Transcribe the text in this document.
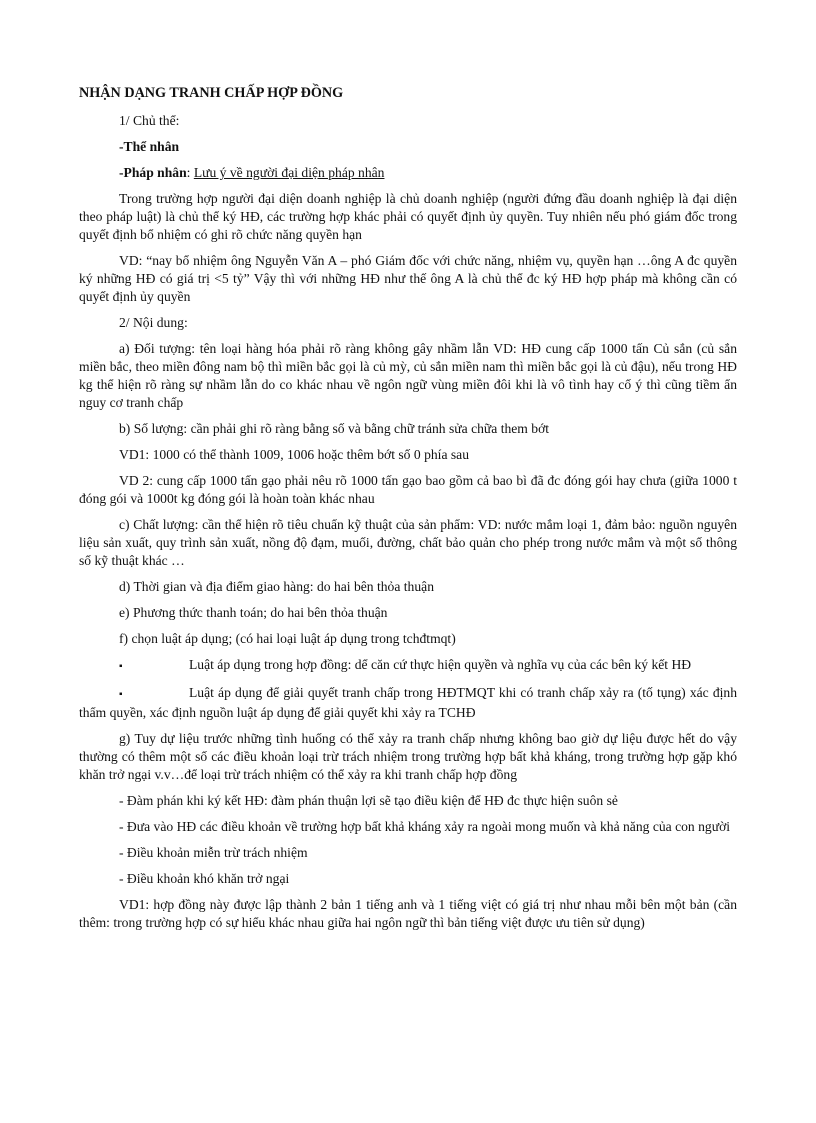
NHẬN DẠNG TRANH CHẤP HỢP ĐỒNG
1/ Chủ thể:
-Thể nhân
-Pháp nhân: Lưu ý về người đại diện pháp nhân
Trong trường hợp người đại diện doanh nghiệp là chủ doanh nghiệp (người đứng đầu doanh nghiệp là đại diện theo pháp luật) là chủ thể ký HĐ, các trường hợp khác phải có quyết định ủy quyền. Tuy nhiên nếu phó giám đốc trong quyết định bổ nhiệm có ghi rõ chức năng quyền hạn
VD: “nay bổ nhiệm ông Nguyễn Văn A – phó Giám đốc với chức năng, nhiệm vụ, quyền hạn …ông A đc quyền ký những HĐ có giá trị <5 tỷ” Vậy thì với những HĐ như thế ông A là chủ thể đc ký HĐ hợp pháp mà không cần có quyết định ủy quyền
2/ Nội dung:
a) Đối tượng: tên loại hàng hóa phải rõ ràng không gây nhầm lẫn VD: HĐ cung cấp 1000 tấn Củ sắn (củ sắn miền bắc, theo miền đông nam bộ thì miền bắc gọi là củ mỳ, củ sắn miền nam thì miền bắc gọi là củ đậu), nếu trong HĐ kg thể hiện rõ ràng sự nhầm lẫn do co khác nhau về ngôn ngữ vùng miền đôi khi là vô tình hay cố ý thì cũng tiềm ẩn nguy cơ tranh chấp
b) Số lượng: cần phải ghi rõ ràng bằng số và bằng chữ tránh sửa chữa them bớt
VD1: 1000 có thể thành 1009, 1006 hoặc thêm bớt số 0 phía sau
VD 2: cung cấp 1000 tấn gạo phải nêu rõ 1000 tấn gạo bao gồm cả bao bì đã đc đóng gói hay chưa (giữa 1000 t đóng gói và 1000t kg đóng gói là hoàn toàn khác nhau
c) Chất lượng: cần thể hiện rõ tiêu chuẩn kỹ thuật của sản phẩm: VD: nước mắm loại 1, đảm bảo: nguồn nguyên liệu sản xuất, quy trình sản xuất, nồng độ đạm, muối, đường, chất bảo quản cho phép trong nước mắm và một số thông số kỹ thuật khác …
d) Thời gian và địa điểm giao hàng: do hai bên thỏa thuận
e) Phương thức thanh toán; do hai bên thỏa thuận
f) chọn luật áp dụng; (có hai loại luật áp dụng trong tchđtmqt)
▪	Luật áp dụng trong hợp đồng: dể căn cứ thực hiện quyền và nghĩa vụ của các bên ký kết HĐ
▪	Luật áp dụng để giải quyết tranh chấp trong HĐTMQT khi có tranh chấp xảy ra (tố tụng) xác định thẩm quyền, xác định nguồn luật áp dụng để giải quyết khi xảy ra TCHĐ
g) Tuy dự liệu trước những tình huống có thể xảy ra tranh chấp nhưng không bao giờ dự liệu được hết do vậy thường có thêm một số các điều khoản loại trừ trách nhiệm trong trường hợp bất khả kháng, trong trường hợp gặp khó khăn trở ngại v.v…để loại trừ trách nhiệm có thể xảy ra khi tranh chấp hợp đồng
- Đàm phán khi ký kết HĐ: đàm phán thuận lợi sẽ tạo điều kiện để HĐ đc thực hiện suôn sẻ
- Đưa vào HĐ các điều khoản về trường hợp bất khả kháng xảy ra ngoài mong muốn và khả năng của con người
- Điều khoản miễn trừ trách nhiệm
- Điều khoản khó khăn trở ngại
VD1: hợp đồng này được lập thành 2 bản 1 tiếng anh và 1 tiếng việt có giá trị như nhau mỗi bên một bản (cần thêm: trong trường hợp có sự hiểu khác nhau giữa hai ngôn ngữ thì bản tiếng việt được ưu tiên sử dụng)
